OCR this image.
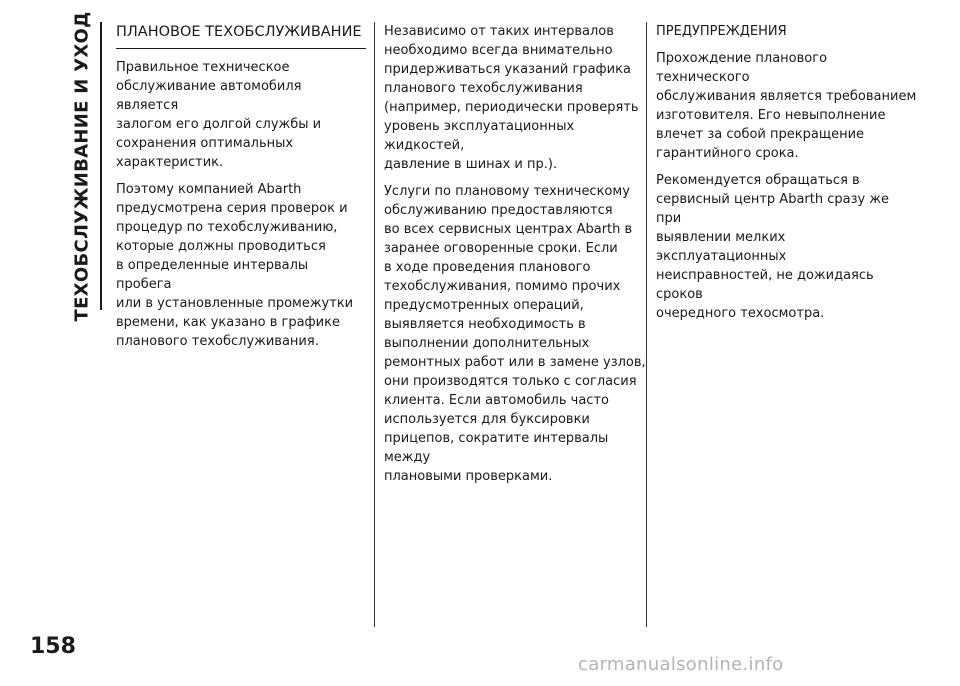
ТЕХОБСЛУЖИВАНИЕ И УХОД ПЛАНОВОЕ ТЕХОБСЛУЖИВАНИЕ

Правильное техническое
обслуживание автомобиля является
залогом его долгой службы и
сохранения оптимальных
характеристик.

Поэтому компанией Abarth
предусмотрена серия проверок и
процедур по техобслуживанию,
которые должны проводиться
в определенные интервалы пробега
или в установленные промежутки
времени, как указано в графике
планового техобслуживания.

Независимо от таких интервалов
необходимо всегда внимательно
придерживаться указаний графика
планового техобслуживания
(например, периодически проверять
уровень эксплуатационных жидкостей,
давление в шинах и пр.).

Услуги по плановому техническому
обслуживанию предоставляются
во всех сервисных центрах Abarth в
заранее оговоренные сроки. Если
в ходе проведения планового
техобслуживания, помимо прочих
предусмотренных операций,
выявляется необходимость в
выполнении дополнительных
ремонтных работ или в замене узлов,
они производятся только с согласия
клиента. Если автомобиль часто
используется для буксировки
прицепов, сократите интервалы между
плановыми проверками.

ПРЕДУПРЕЖДЕНИЯ

Прохождение планового технического
обслуживания является требованием
изготовителя. Его невыполнение
влечет за собой прекращение
гарантийного срока.

Рекомендуется обращаться в
сервисный центр Abarth сразу же при
выявлении мелких эксплуатационных
неисправностей, не дожидаясь сроков
очередного техосмотра.

158
carmanualsonline.info
